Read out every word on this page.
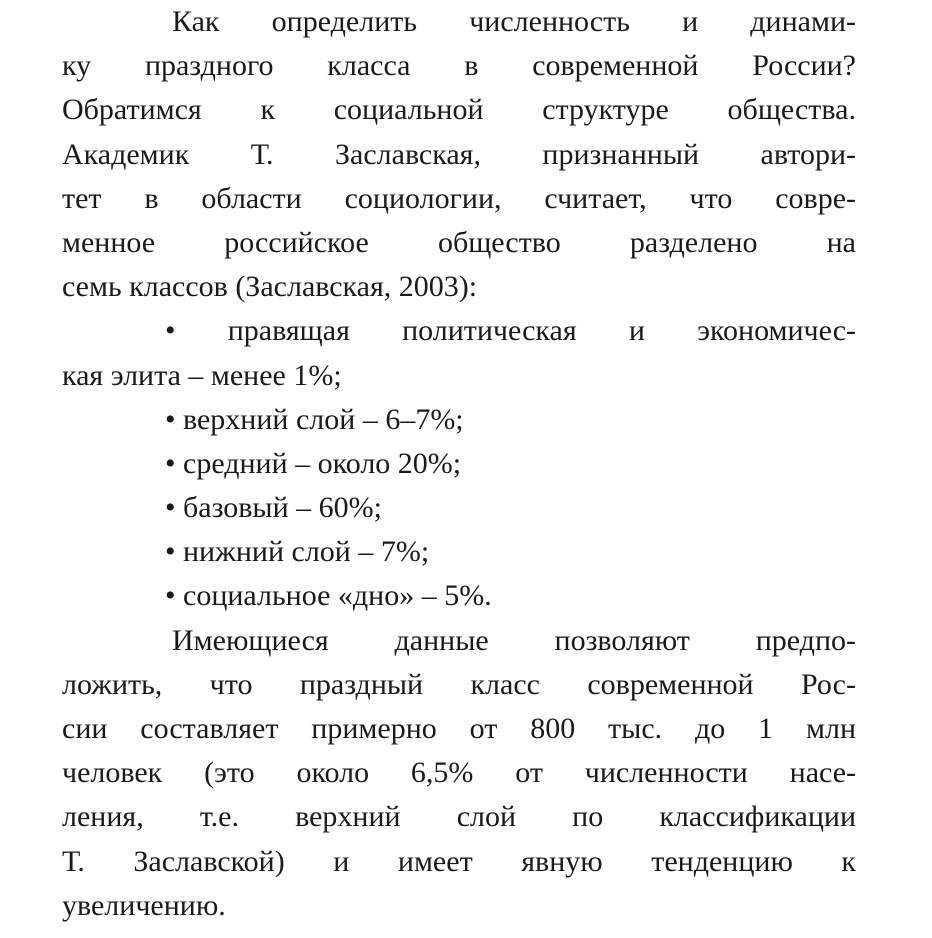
Как определить численность и динами-
ку праздного класса в современной России?
Обратимся к социальной структуре общества.
Академик Т. Заславская, признанный автори-
тет в области социологии, считает, что совре-
менное российское общество разделено на
семь классов (Заславская, 2003):
• правящая политическая и экономичес-
кая элита – менее 1%;
• верхний слой – 6–7%;
• средний – около 20%;
• базовый – 60%;
• нижний слой – 7%;
• социальное «дно» – 5%.
Имеющиеся данные позволяют предпо-
ложить, что праздный класс современной Рос-
сии составляет примерно от 800 тыс. до 1 млн
человек (это около 6,5% от численности насе-
ления, т.е. верхний слой по классификации
Т. Заславской) и имеет явную тенденцию к
увеличению.
